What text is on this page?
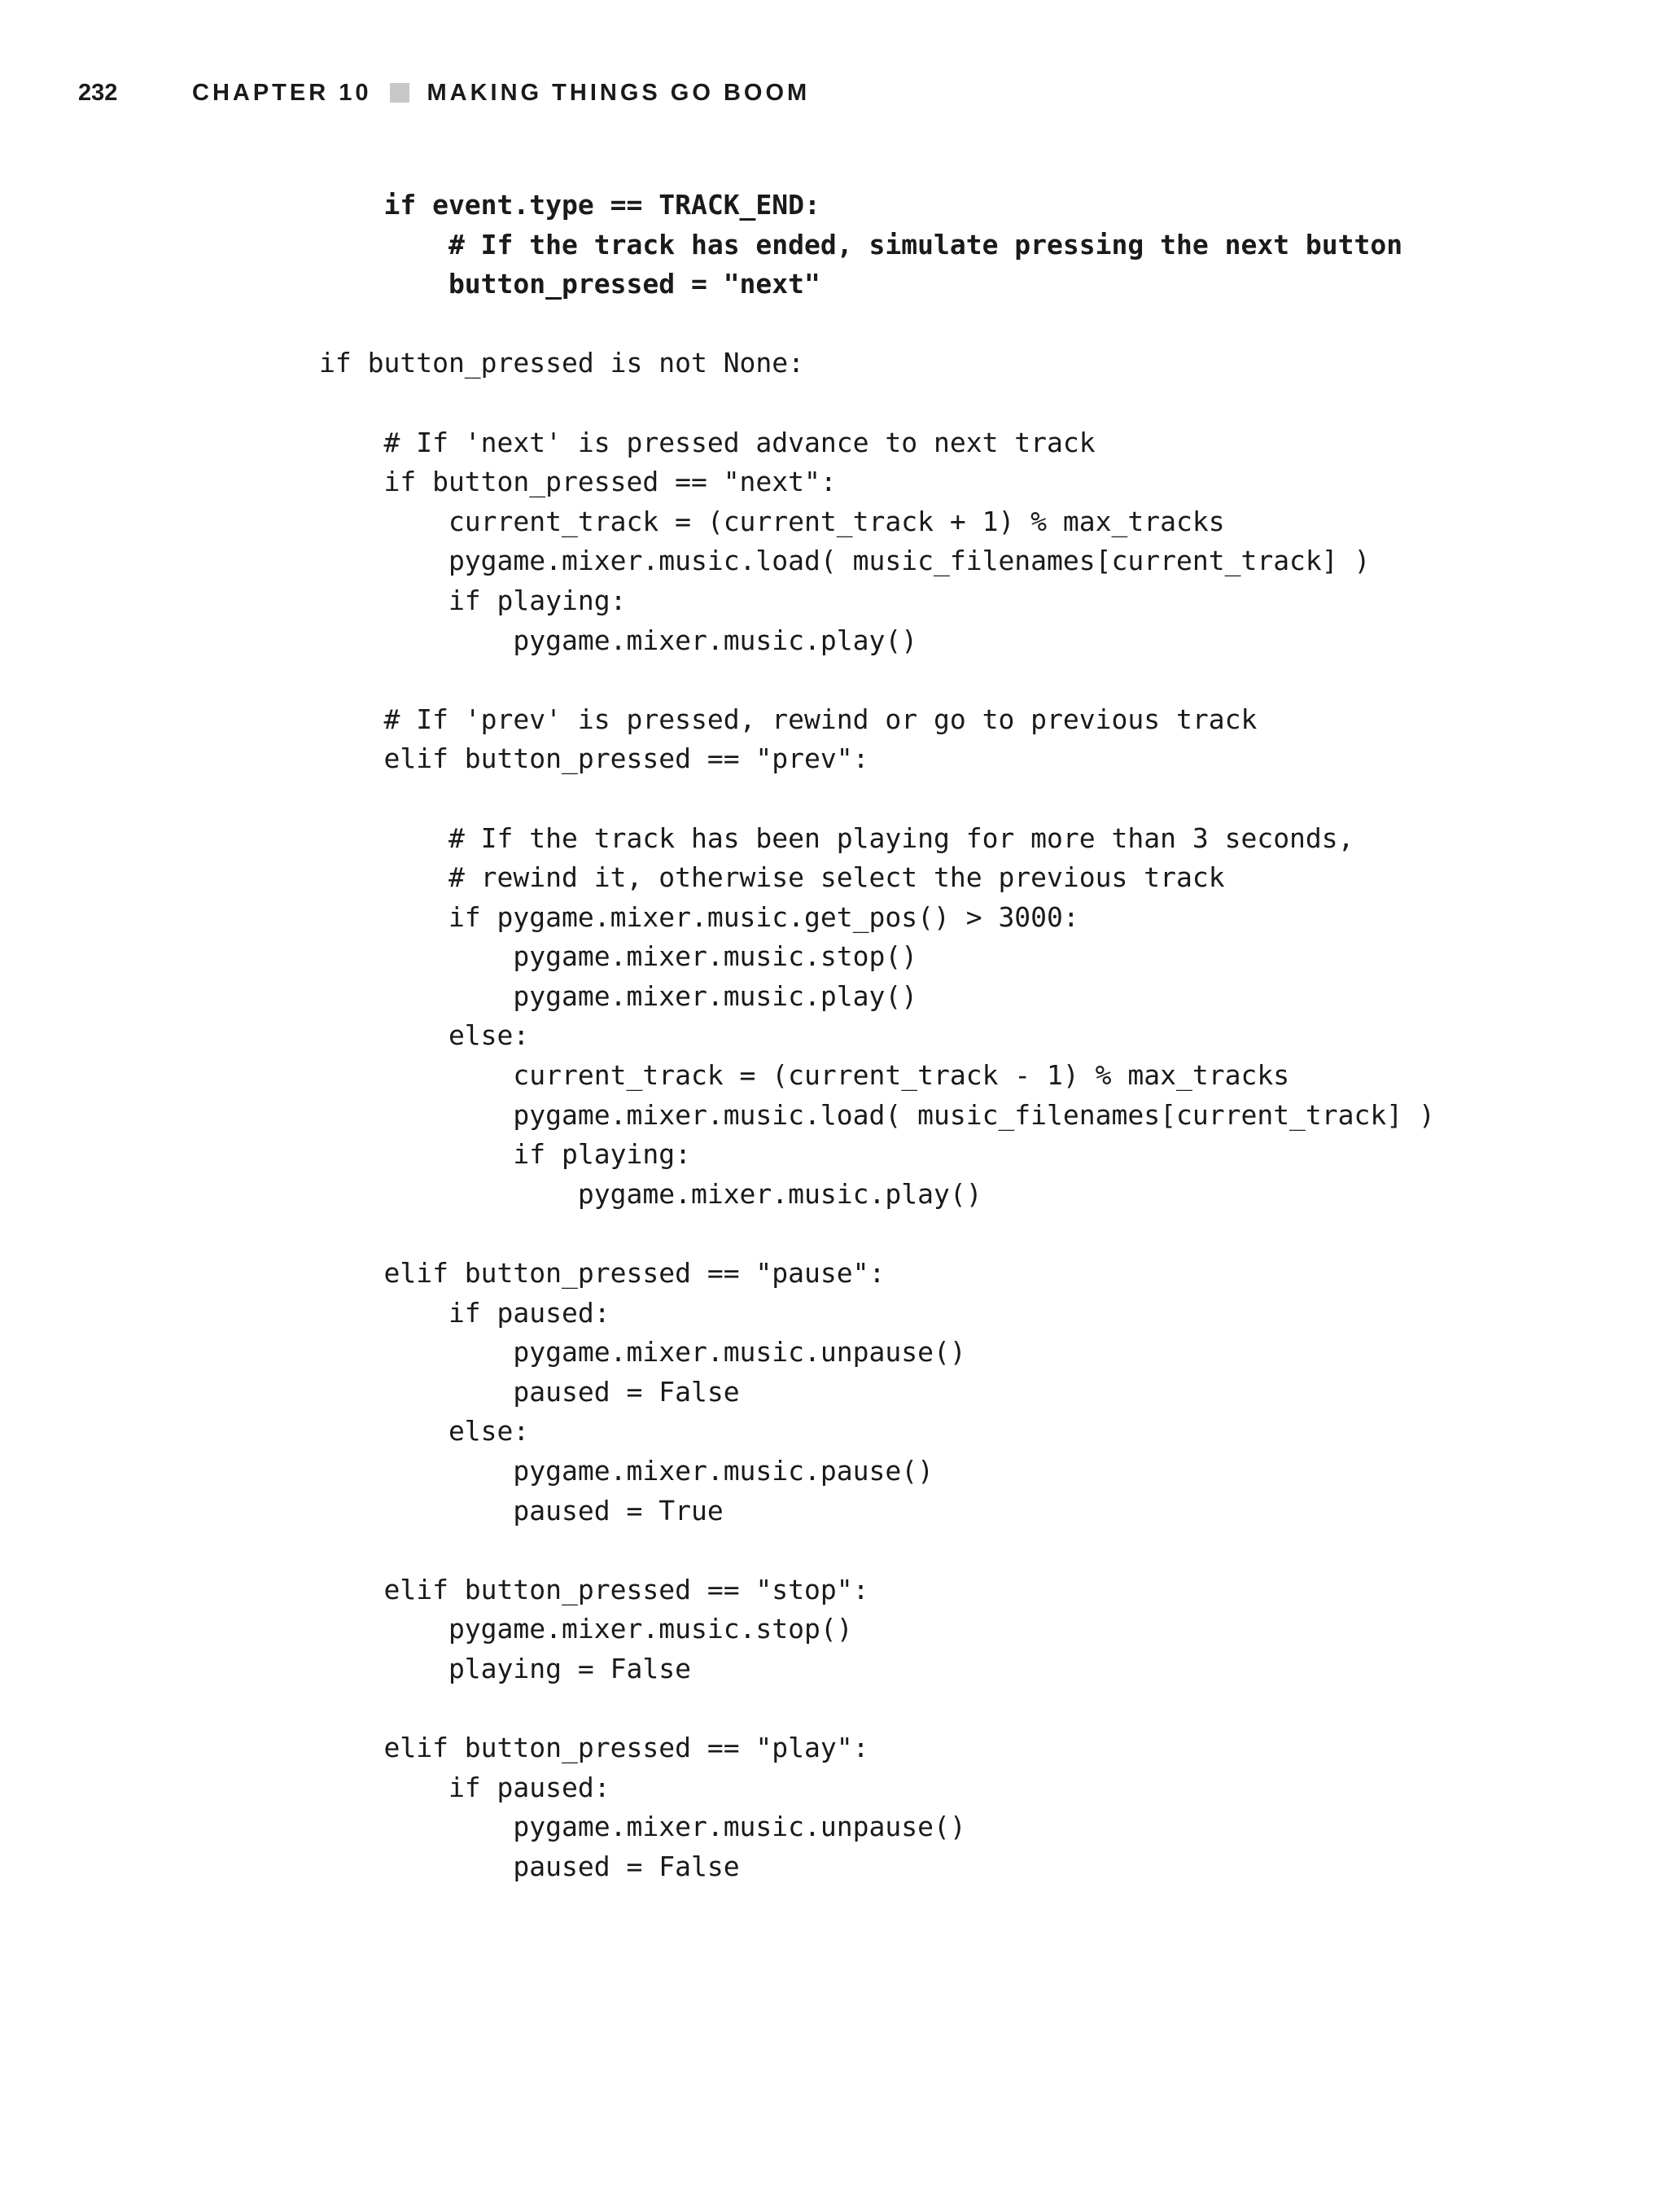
232	CHAPTER 10 MAKING THINGS GO BOOM
if event.type == TRACK_END:
# If the track has ended, simulate pressing the next button
button_pressed = "next"
if button_pressed is not None:
# If 'next' is pressed advance to next track
if button_pressed == "next":
current_track = (current_track + 1) % max_tracks
pygame.mixer.music.load( music_filenames[current_track] )
if playing:
pygame.mixer.music.play()
# If 'prev' is pressed, rewind or go to previous track
elif button_pressed == "prev":
# If the track has been playing for more than 3 seconds,
# rewind it, otherwise select the previous track
if pygame.mixer.music.get_pos() > 3000:
pygame.mixer.music.stop()
pygame.mixer.music.play()
else:
current_track = (current_track - 1) % max_tracks
pygame.mixer.music.load( music_filenames[current_track] )
if playing:
pygame.mixer.music.play()
elif button_pressed == "pause":
if paused:
pygame.mixer.music.unpause()
paused = False
else:
pygame.mixer.music.pause()
paused = True
elif button_pressed == "stop":
pygame.mixer.music.stop()
playing = False
elif button_pressed == "play":
if paused:
pygame.mixer.music.unpause()
paused = False
